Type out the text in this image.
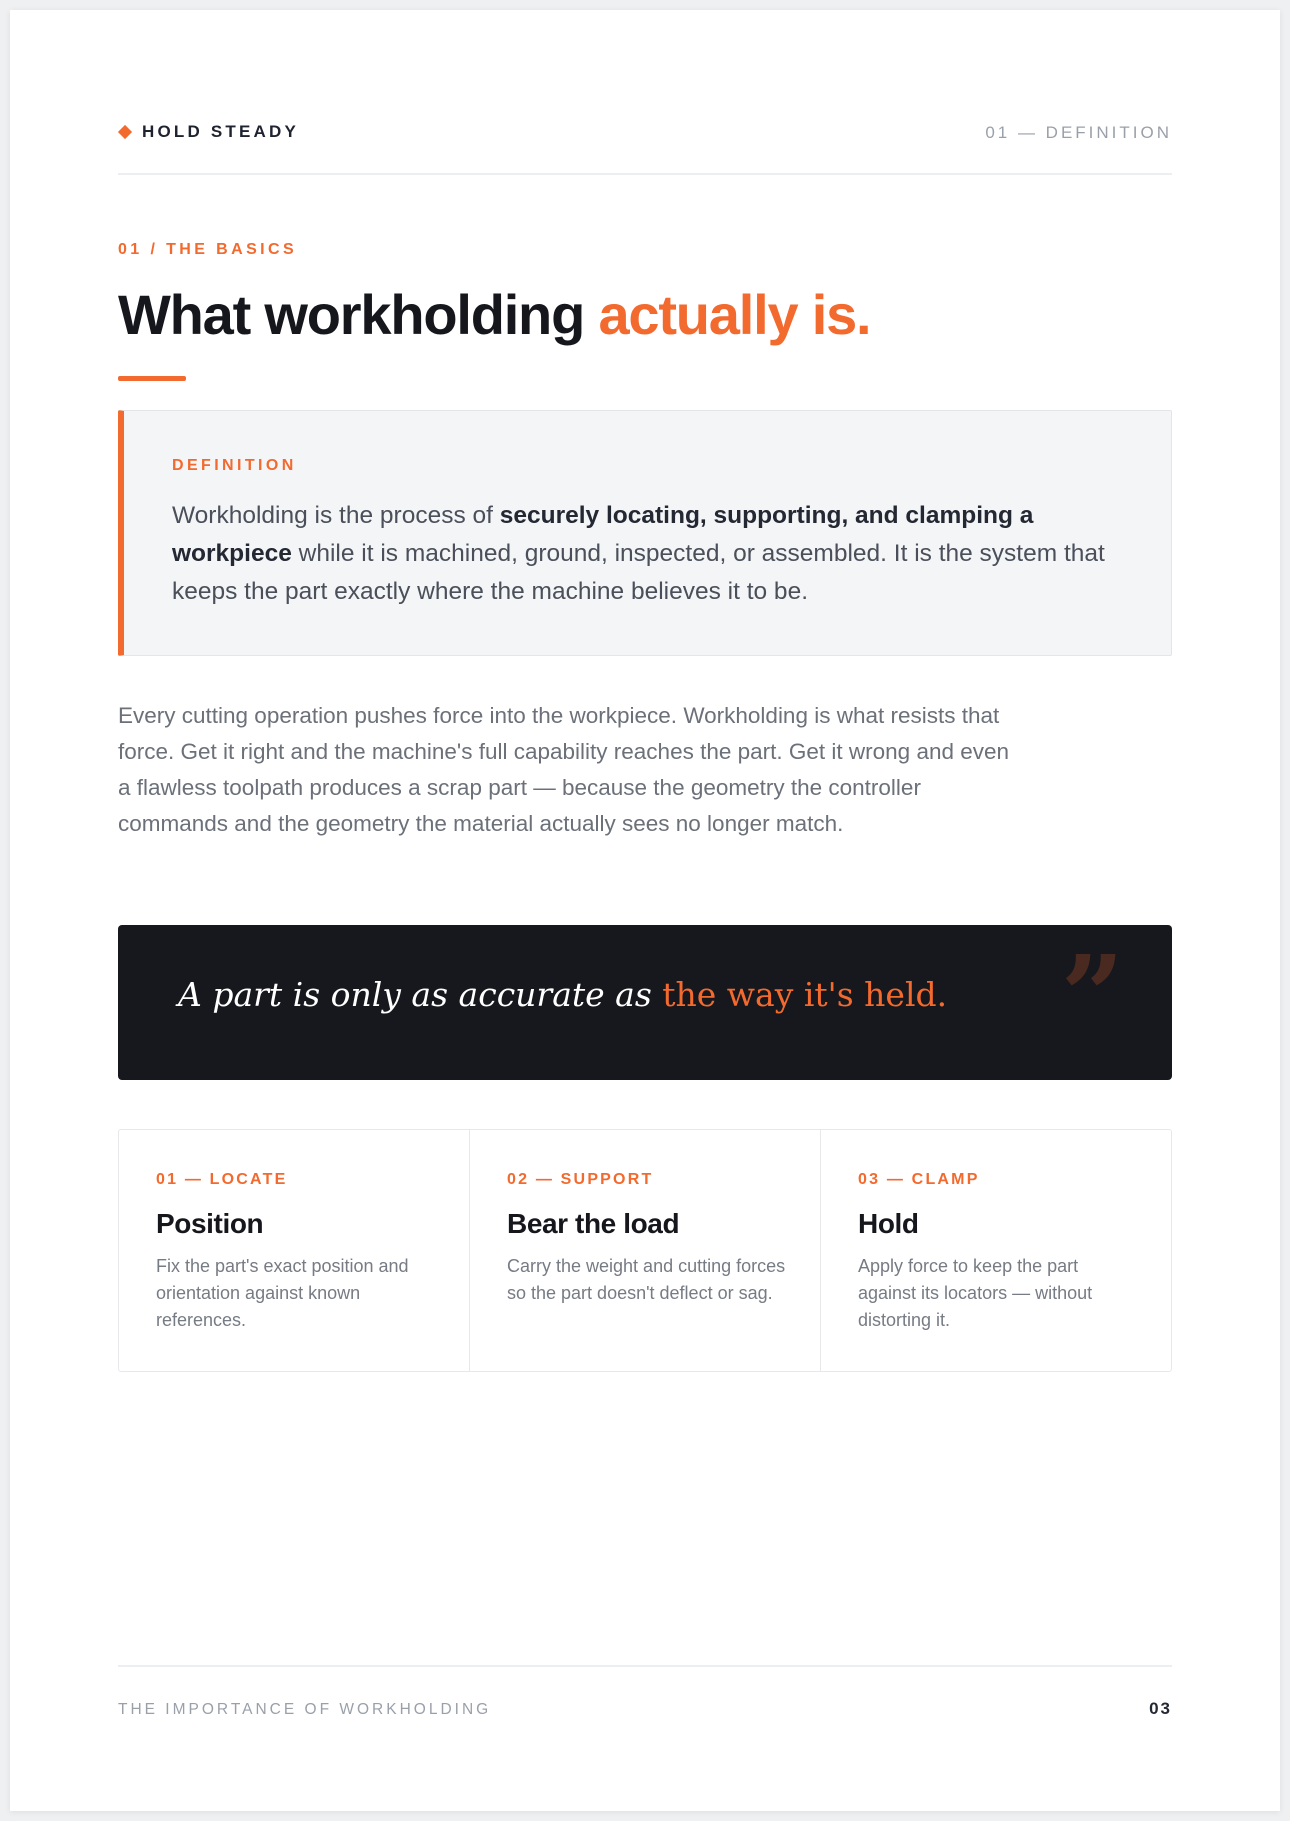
HOLD STEADY	01 — DEFINITION
01 / THE BASICS
What workholding actually is.
DEFINITION
Workholding is the process of securely locating, supporting, and clamping a workpiece while it is machined, ground, inspected, or assembled. It is the system that keeps the part exactly where the machine believes it to be.

Every cutting operation pushes force into the workpiece. Workholding is what resists that force. Get it right and the machine's full capability reaches the part. Get it wrong and even a flawless toolpath produces a scrap part — because the geometry the controller commands and the geometry the material actually sees no longer match.

A part is only as accurate as the way it's held. ”
01 — LOCATE
Position
Fix the part's exact position and orientation against known references.
02 — SUPPORT
Bear the load
Carry the weight and cutting forces so the part doesn't deflect or sag.
03 — CLAMP
Hold
Apply force to keep the part against its locators — without distorting it.
THE IMPORTANCE OF WORKHOLDING	03
